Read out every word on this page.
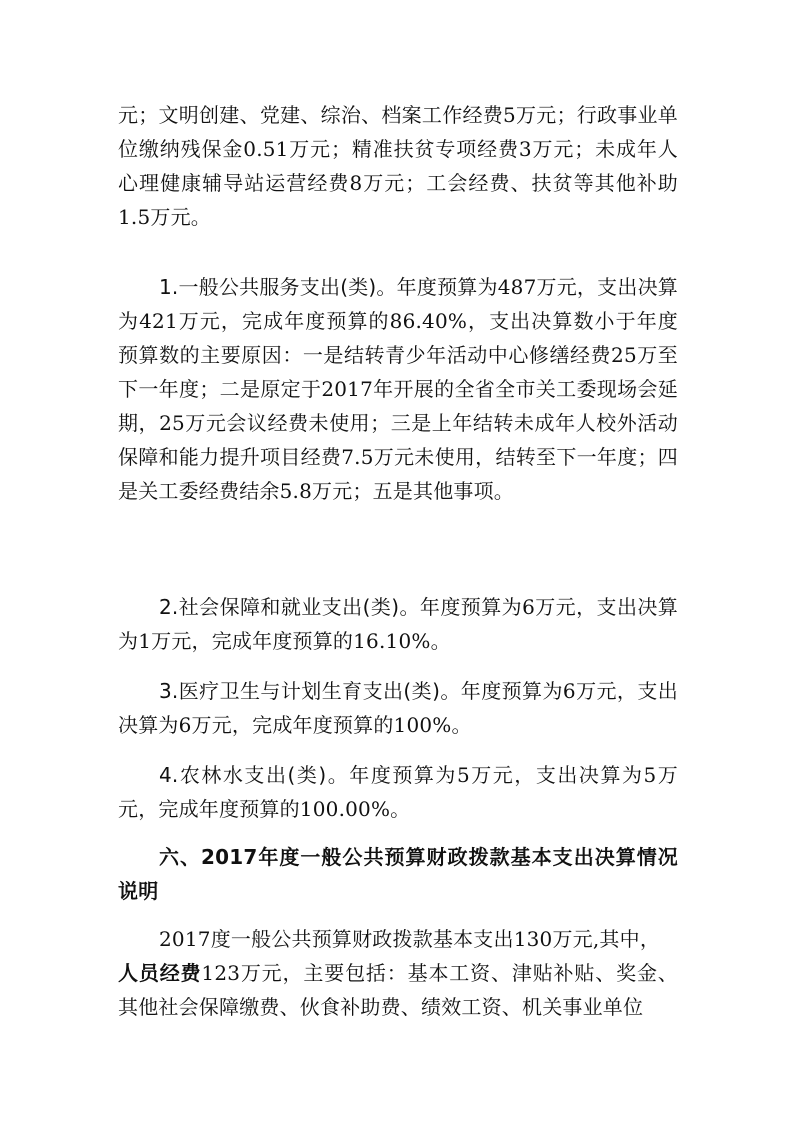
元；文明创建、党建、综治、档案工作经费5万元；行政事业单位缴纳残保金0.51万元；精准扶贫专项经费3万元；未成年人心理健康辅导站运营经费8万元；工会经费、扶贫等其他补助1.5万元。

1.一般公共服务支出(类)。年度预算为487万元，支出决算为421万元，完成年度预算的86.40%，支出决算数小于年度预算数的主要原因：一是结转青少年活动中心修缮经费25万至下一年度；二是原定于2017年开展的全省全市关工委现场会延期，25万元会议经费未使用；三是上年结转未成年人校外活动保障和能力提升项目经费7.5万元未使用，结转至下一年度；四是关工委经费结余5.8万元；五是其他事项。

2.社会保障和就业支出(类)。年度预算为6万元，支出决算为1万元，完成年度预算的16.10%。

3.医疗卫生与计划生育支出(类)。年度预算为6万元，支出决算为6万元，完成年度预算的100%。

4.农林水支出(类)。年度预算为5万元，支出决算为5万元，完成年度预算的100.00%。

六、2017年度一般公共预算财政拨款基本支出决算情况说明

2017度一般公共预算财政拨款基本支出130万元,其中，

人员经费123万元，主要包括：基本工资、津贴补贴、奖金、其他社会保障缴费、伙食补助费、绩效工资、机关事业单位
